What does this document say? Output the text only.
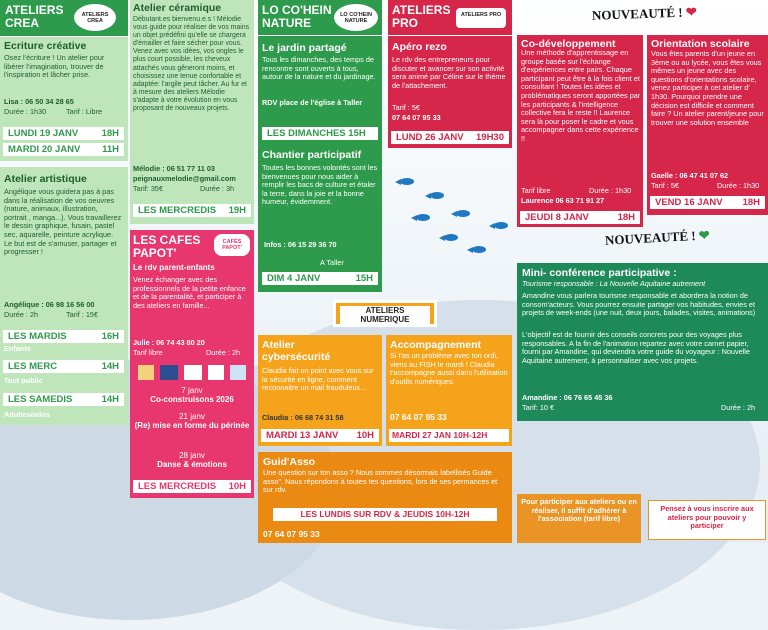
ATELIERS CREA
ATELIERS CREA
Ecriture créative
Osez l'écriture ! Un atelier pour libérer l'imagination, trouver de l'inspiration et lâcher prise.
Lisa : 06 50 34 28 65
Durée : 1h30	Tarif : Libre
LUNDI 19 JANV 18H
MARDI 20 JANV 11H
Atelier artistique
Angélique vous guidera pas à pas dans la réalisation de vos oeuvres (nature, animaux, illustration, portrait , manga...). Vous travaillerez le dessin graphique, fusain, pastel sec, aquarelle, peinture acrylique. Le but est de s'amuser, partager et progresser !
Angélique : 06 98 16 56 00
Durée : 2h	Tarif : 15€
LES MARDIS	16H
Enfants
LES MERC	14H
Tout public
LES SAMEDIS	14H
Adultes/ados
Atelier céramique
Débutant.es bienvenu.e.s ! Mélodie vous guide pour réaliser de vos mains un objet prédéfini qu'elle se chargera d'émailler et faire sécher pour vous. Venez avec vos idées, vos ongles le plus court possible, les cheveux attachés vous gêneront moins, et choisissez une tenue confortable et adaptée: l'argile peut tâcher. Au fur et à mesure des ateliers Mélodie s'adapte à votre évolution en vous proposant de nouveaux projets.
Mélodie : 06 51 77 11 03
peignauxmelodie@gmail.com
Tarif: 35€	Durée : 3h
LES MERCREDIS 19H
LES CAFES PAPOT'
CAFÉS PAPOT'
Le rdv parent-enfants
Venez échanger avec des professionnels de la petite enfance et de la parentalité, et participer à des ateliers en famille...
Julie : 06 74 43 80 20
Tarif libre	Durée : 2h
7 janv
Co-construisons 2026
21 janv
(Re) mise en forme du périnée
28 janv
Danse & émotions
LES MERCREDIS 10H
LO CO'HEIN NATURE
LO CO'HEIN NATURE
Le jardin partagé
Tous les dimanches, des temps de rencontre sont ouverts à tous, autour de la nature et du jardinage.
RDV place de l'église à Taller
LES DIMANCHES 15H
Chantier participatif
Toutes les bonnes volontés sont les bienvenues pour nous aider à remplir les bacs de culture et étaler la terre, dans la joie et la bonne humeur, évidemment.
Infos : 06 15 29 36 70
A Taller
DIM 4 JANV	15H
ATELIERS PRO
ATELIERS PRO
Apéro rezo
Le rdv des entrepreneurs pour discuter et avancer sur son activité sera animé par Céline sur le thème de l'attachement.
Tarif : 5€
07 64 07 95 33
LUND 26 JANV 19H30
NOUVEAUTÉ ! ❤
Co-développement
Une méthode d'apprentissage en groupe basée sur l'échange d'expériences entre pairs. Chaque participant peut être à la fois client et consultant ! Toutes les idées et problématiques seront apportées par les participants & l'intelligence collective fera le reste !! Laurence sera là pour poser le cadre et vous accompagner dans cette expérience !!
Tarif libre	Durée : 1h30
Laurence 06 63 71 91 27
JEUDI 8 JANV	18H
Orientation scolaire
Vous êtes parents d'un jeune en 3ème ou au lycée, vous êtes vous mêmes un jeune avec des questions d'orientations scolaire, venez participer à cet atelier d' 1h30. Pourquoi prendre une décision est difficile et comment faire ? Un atelier parent/jeune pour trouver une solution ensemble
Gaelle : 06 47 41 07 62
Tarif : 5€	Durée : 1h30
VEND 16 JANV 18H
NOUVEAUTÉ ! ❤
Mini- conférence participative :
Tourisme responsable : La Nouvelle Aquitaine autrement
Amandine vous parlera tourisme responsable et abordera la notion de consom'acteurs. Vous pourrez ensuite partager vos habitudes, envies et projets de week-ends (une nuit, deux jours, balades, visites, animations)
L'objectif est de fournir des conseils concrets pour des voyages plus responsables. A la fin de l'animation repartez avec votre carnet papier, fourni par Amandine, qui deviendra votre guide du voyageur : Nouvelle Aquitaine autrement, à personnaliser avec vos projets.
Amandine : 06 76 65 45 36
Tarif: 10 €	Durée : 2h
ATELIERS NUMERIQUE
Atelier cybersécurité
Claudia fait un point avec vous sur la sécurité en ligne, comment reconnaitre un mail frauduleux...
Claudia : 06 68 74 31 58
MARDI 13 JANV 10H
Accompagnement
Si t'as un problème avec ton ordi, viens au FISH le mardi ! Claudia t'accompagne aussi dans l'utilisation d'outils numériques.
07 64 07 95 33
MARDI 27 JAN 10H-12H
Guid'Asso
Une question sur ton asso ? Nous sommes désormais labellisés Guide asso". Nous répondons à toutes tes questions, lors de ses permances et sur rdv.
LES LUNDIS SUR RDV & JEUDIS 10H-12H
07 64 07 95 33
Pour participer aux ateliers ou en réaliser, il suffit d'adhérer à l'association (tarif libre)
Pensez à vous inscrire aux ateliers pour pouvoir y participer
